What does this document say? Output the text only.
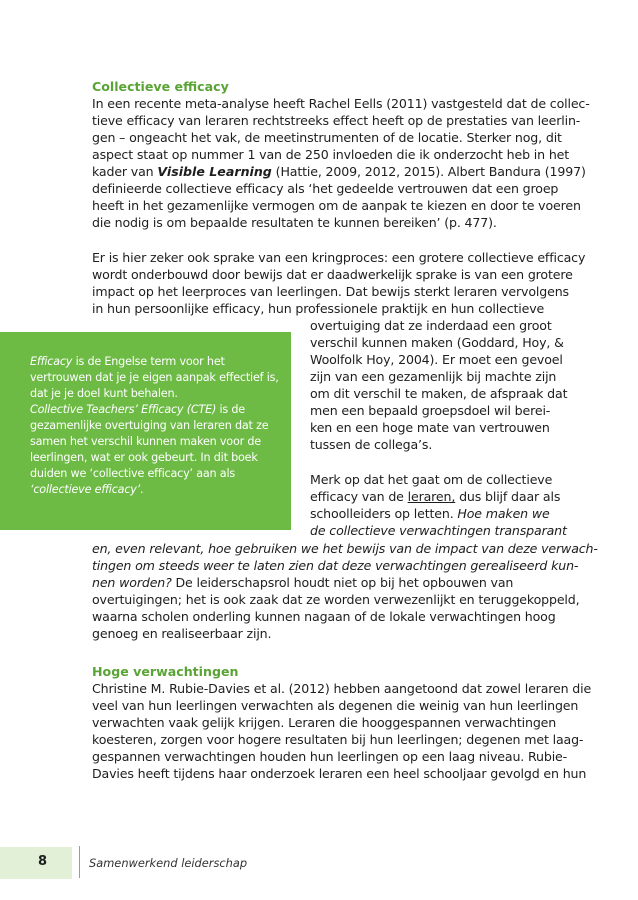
Collectieve efficacy
In een recente meta-analyse heeft Rachel Eells (2011) vastgesteld dat de collec-
tieve efficacy van leraren rechtstreeks effect heeft op de prestaties van leerlin-
gen – ongeacht het vak, de meetinstrumenten of de locatie. Sterker nog, dit
aspect staat op nummer 1 van de 250 invloeden die ik onderzocht heb in het
kader van Visible Learning (Hattie, 2009, 2012, 2015). Albert Bandura (1997)
definieerde collectieve efficacy als ‘het gedeelde vertrouwen dat een groep
heeft in het gezamenlijke vermogen om de aanpak te kiezen en door te voeren
die nodig is om bepaalde resultaten te kunnen bereiken’ (p. 477).
Er is hier zeker ook sprake van een kringproces: een grotere collectieve efficacy
wordt onderbouwd door bewijs dat er daadwerkelijk sprake is van een grotere
impact op het leerproces van leerlingen. Dat bewijs sterkt leraren vervolgens
in hun persoonlijke efficacy, hun professionele praktijk en hun collectieve
overtuiging dat ze inderdaad een groot
verschil kunnen maken (Goddard, Hoy, &
Woolfolk Hoy, 2004). Er moet een gevoel
zijn van een gezamenlijk bij machte zijn
om dit verschil te maken, de afspraak dat
men een bepaald groepsdoel wil berei-
ken en een hoge mate van vertrouwen
tussen de collega’s.
Merk op dat het gaat om de collectieve
efficacy van de leraren, dus blijf daar als
schoolleiders op letten. Hoe maken we
de collectieve verwachtingen transparant
en, even relevant, hoe gebruiken we het bewijs van de impact van deze verwach-
tingen om steeds weer te laten zien dat deze verwachtingen gerealiseerd kun-
nen worden? De leiderschapsrol houdt niet op bij het opbouwen van
overtuigingen; het is ook zaak dat ze worden verwezenlijkt en teruggekoppeld,
waarna scholen onderling kunnen nagaan of de lokale verwachtingen hoog
genoeg en realiseerbaar zijn.
Efficacy is de Engelse term voor het
vertrouwen dat je je eigen aanpak effectief is,
dat je je doel kunt behalen.
Collective Teachers’ Efficacy (CTE) is de
gezamenlijke overtuiging van leraren dat ze
samen het verschil kunnen maken voor de
leerlingen, wat er ook gebeurt. In dit boek
duiden we ‘collective efficacy’ aan als
‘collectieve efficacy’.
Hoge verwachtingen
Christine M. Rubie-Davies et al. (2012) hebben aangetoond dat zowel leraren die
veel van hun leerlingen verwachten als degenen die weinig van hun leerlingen
verwachten vaak gelijk krijgen. Leraren die hooggespannen verwachtingen
koesteren, zorgen voor hogere resultaten bij hun leerlingen; degenen met laag-
gespannen verwachtingen houden hun leerlingen op een laag niveau. Rubie-
Davies heeft tijdens haar onderzoek leraren een heel schooljaar gevolgd en hun
8	Samenwerkend leiderschap
